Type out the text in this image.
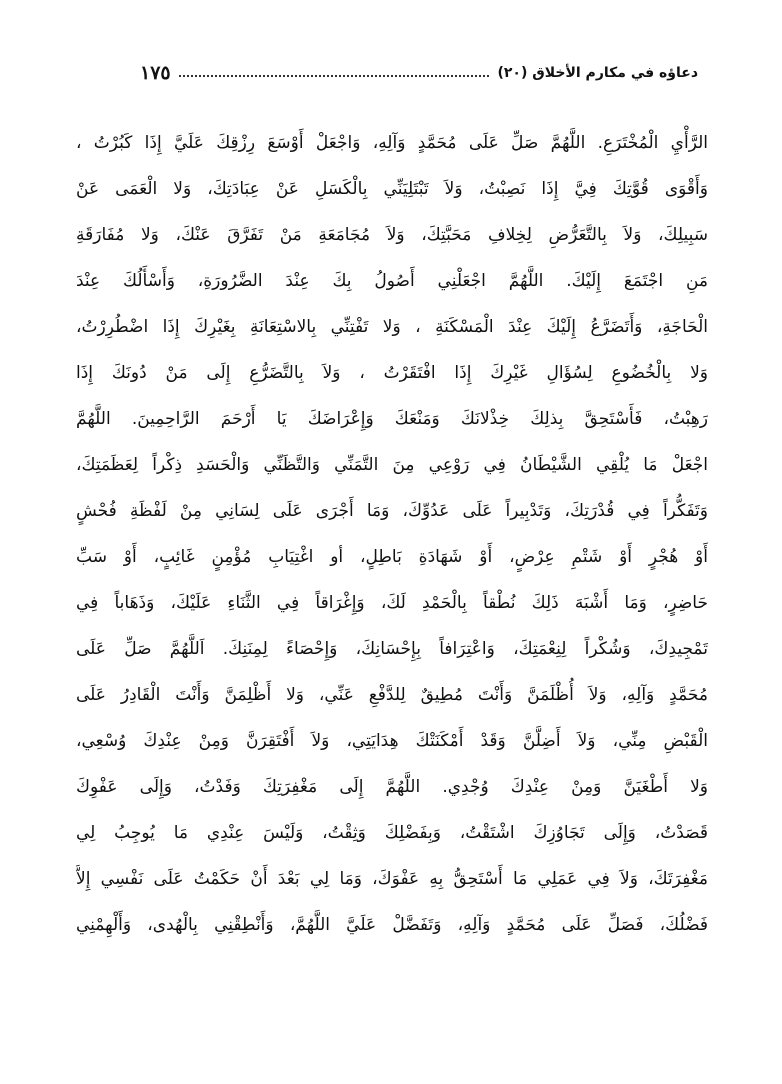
١٧٥	دعاؤه في مكارم الأخلاق (٢٠)
الرَّأْيِ الْمُخْتَرَعِ. اللَّهُمَّ صَلِّ عَلَى مُحَمَّدٍ وَآلِهِ، وَاجْعَلْ أَوْسَعَ رِزْقِكَ عَلَيَّ إِذَا كَبُرْتُ ،
وَأَقْوَى قُوَّتِكَ فِيَّ إِذَا نَصِبْتُ، وَلاَ تَبْتَلِيَنِّي بِالْكَسَلِ عَنْ عِبَادَتِكَ، وَلا الْعَمَى عَنْ
سَبِيلِكَ، وَلاَ بِالتَّعَرُّضِ لِخِلافِ مَحَبَّتِكَ، وَلاَ مُجَامَعَةِ مَنْ تَفَرَّقَ عَنْكَ، وَلا مُفَارَقَةِ
مَنِ اجْتَمَعَ إِلَيْكَ. اللَّهُمَّ اجْعَلْنِي أَصُولُ بِكَ عِنْدَ الضَّرُورَةِ، وَأَسْأَلُكَ عِنْدَ
الْحَاجَةِ، وَأَتَضَرَّعُ إِلَيْكَ عِنْدَ الْمَسْكَنَةِ ، وَلا تَفْتِنِّي بِالاسْتِعَانَةِ بِغَيْرِكَ إِذَا اضْطُرِرْتُ،
وَلا بِالْخُضُوعِ لِسُؤَالِ غَيْرِكَ إِذَا افْتَقَرْتُ ، وَلاَ بِالتَّضَرُّعِ إِلَى مَنْ دُونَكَ إِذَا
رَهِبْتُ، فَأَسْتَحِقَّ بِذلِكَ خِذْلانَكَ وَمَنْعَكَ وَإِعْرَاضَكَ يَا أَرْحَمَ الرَّاحِمِينَ. اللَّهُمَّ
اجْعَلْ مَا يُلْقِي الشَّيْطَانُ فِي رَوْعِي مِنَ التَّمَنِّي وَالتَّظَنِّي وَالْحَسَدِ ذِكْراً لِعَظَمَتِكَ،
وَتَفَكُّراً فِي قُدْرَتِكَ، وَتَدْبِيراً عَلَى عَدُوِّكَ، وَمَا أَجْرَى عَلَى لِسَانِي مِنْ لَفْظَةِ فُحْشٍ
أَوْ هُجْرٍ أَوْ شَتْمِ عِرْضٍ، أَوْ شَهَادَةِ بَاطِلٍ، أو اغْتِيَابِ مُؤْمِنٍ غَائِبٍ، أَوْ سَبِّ
حَاضِرٍ، وَمَا أَشْبَهَ ذَلِكَ نُطْقاً بِالْحَمْدِ لَكَ، وَإِغْرَاقاً فِي الثَّنَاءِ عَلَيْكَ، وَذَهَاباً فِي
تَمْجِيدِكَ، وَشُكْراً لِنِعْمَتِكَ، وَاعْتِرَافاً بِإِحْسَانِكَ، وَإِحْصَاءً لِمِنَنِكَ. اَللَّهُمَّ صَلِّ عَلَى
مُحَمَّدٍ وَآلِهِ، وَلاَ أُظْلَمَنَّ وَأَنْتَ مُطِيقٌ لِلدَّفْعِ عَنِّي، وَلا أَظْلِمَنَّ وَأَنْتَ الْقَادِرُ عَلَى
الْقَبْضِ مِنِّي، وَلاَ أَضِلَّنَّ وَقَدْ أَمْكَنَتْكَ هِدَايَتِي، وَلاَ أَفْتَقِرَنَّ وَمِنْ عِنْدِكَ وُسْعِي،
وَلا أَطْغَيَنَّ وَمِنْ عِنْدِكَ وُجْدِي. اللَّهُمَّ إِلَى مَغْفِرَتِكَ وَفَدْتُ، وَإِلَى عَفْوِكَ
قَصَدْتُ، وَإِلَى تَجَاوُزِكَ اشْتَقْتُ، وَبِفَضْلِكَ وَثِقْتُ، وَلَيْسَ عِنْدِي مَا يُوجِبُ لِي
مَغْفِرَتَكَ، وَلاَ فِي عَمَلِي مَا أَسْتَحِقُّ بِهِ عَفْوَكَ، وَمَا لِي بَعْدَ أَنْ حَكَمْتُ عَلَى نَفْسِي إِلاَّ
فَضْلُكَ، فَصَلِّ عَلَى مُحَمَّدٍ وَآلِهِ، وَتَفَضَّلْ عَلَيَّ اللَّهُمَّ، وَأَنْطِقْنِي بِالْهُدى، وَأَلْهِمْنِي
